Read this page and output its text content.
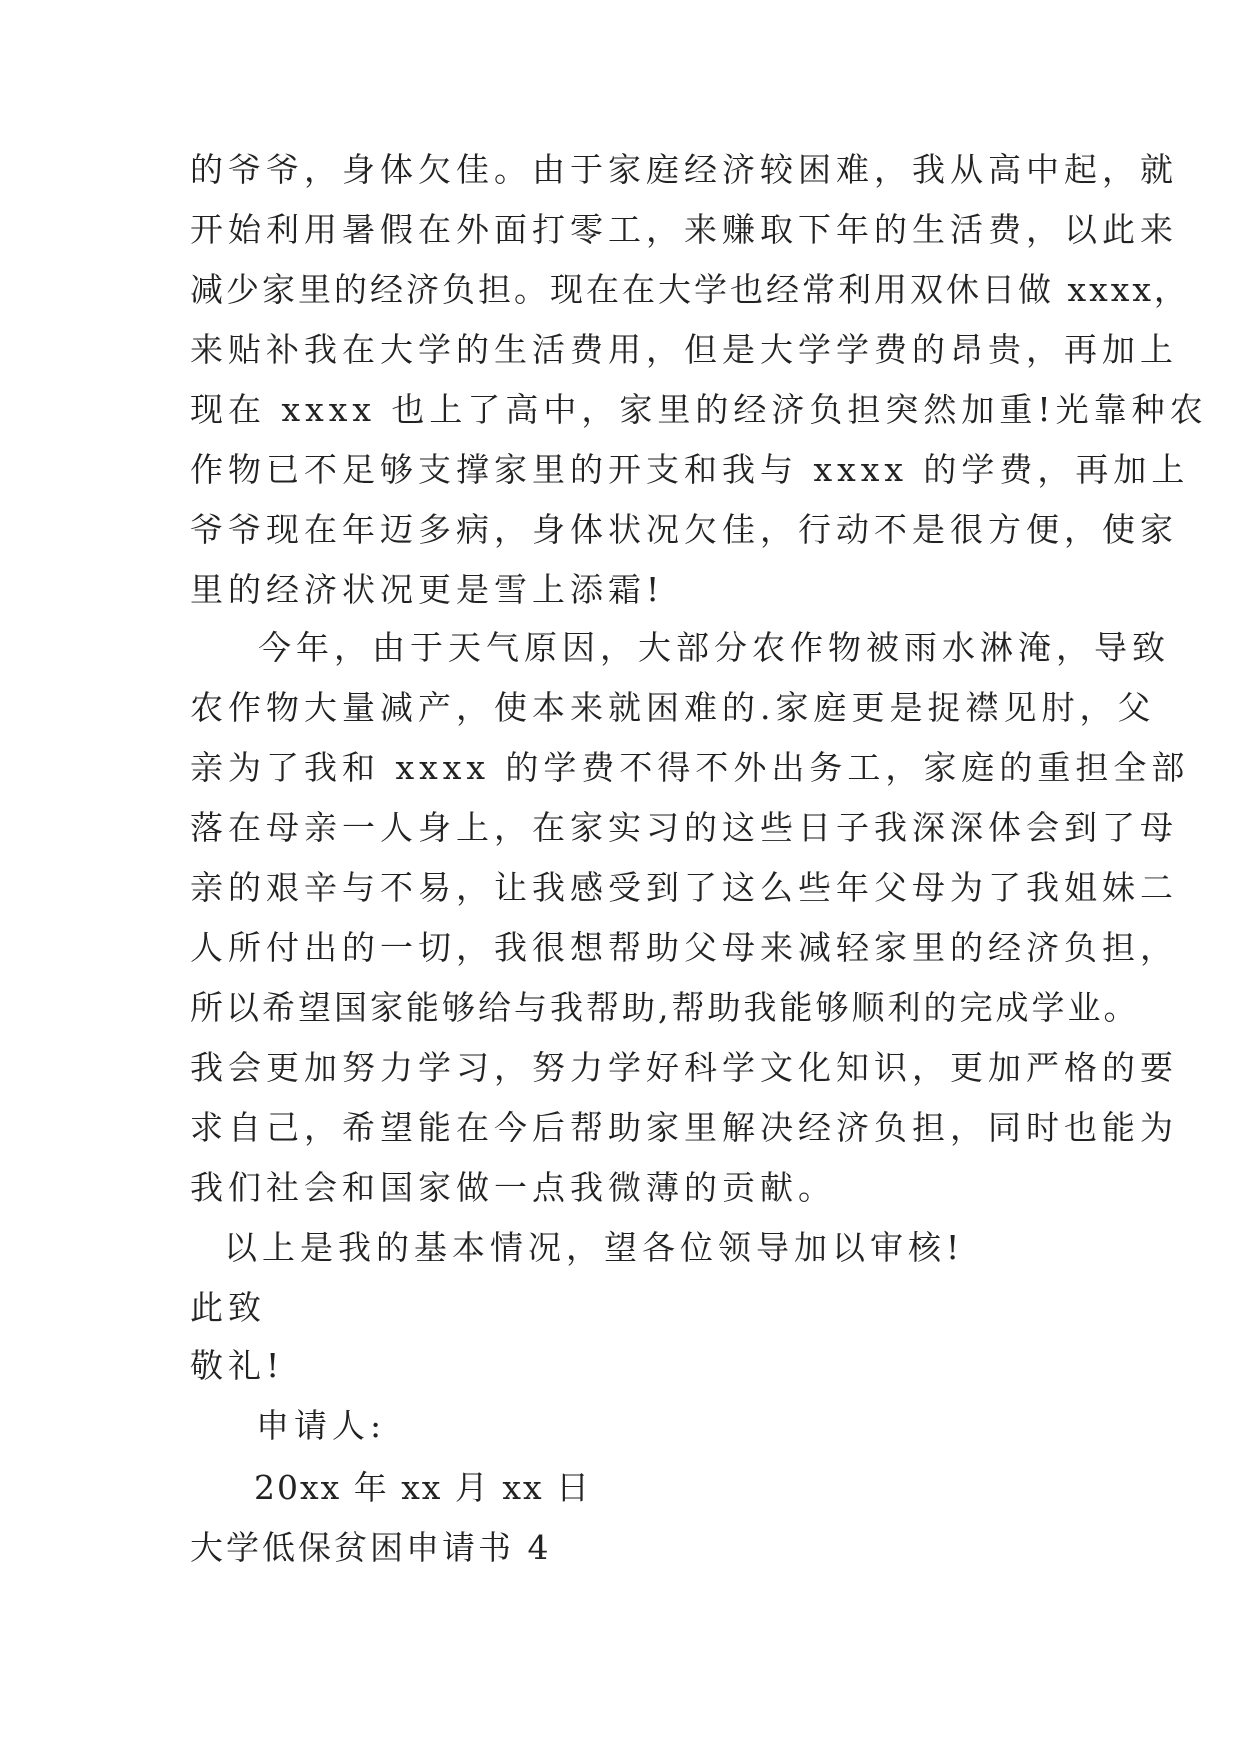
的爷爷，身体欠佳。由于家庭经济较困难，我从高中起，就
开始利用暑假在外面打零工，来赚取下年的生活费，以此来
减少家里的经济负担。现在在大学也经常利用双休日做 xxxx，
来贴补我在大学的生活费用，但是大学学费的昂贵，再加上
现在 xxxx 也上了高中，家里的经济负担突然加重!光靠种农
作物已不足够支撑家里的开支和我与 xxxx 的学费，再加上
爷爷现在年迈多病，身体状况欠佳，行动不是很方便，使家
里的经济状况更是雪上添霜!
今年，由于天气原因，大部分农作物被雨水淋淹，导致
农作物大量减产，使本来就困难的.家庭更是捉襟见肘，父
亲为了我和 xxxx 的学费不得不外出务工，家庭的重担全部
落在母亲一人身上，在家实习的这些日子我深深体会到了母
亲的艰辛与不易，让我感受到了这么些年父母为了我姐妹二
人所付出的一切，我很想帮助父母来减轻家里的经济负担，
所以希望国家能够给与我帮助,帮助我能够顺利的完成学业。
我会更加努力学习，努力学好科学文化知识，更加严格的要
求自己，希望能在今后帮助家里解决经济负担，同时也能为
我们社会和国家做一点我微薄的贡献。
以上是我的基本情况，望各位领导加以审核!
此致
敬礼!
申请人:
20xx 年 xx 月 xx 日
大学低保贫困申请书 4
